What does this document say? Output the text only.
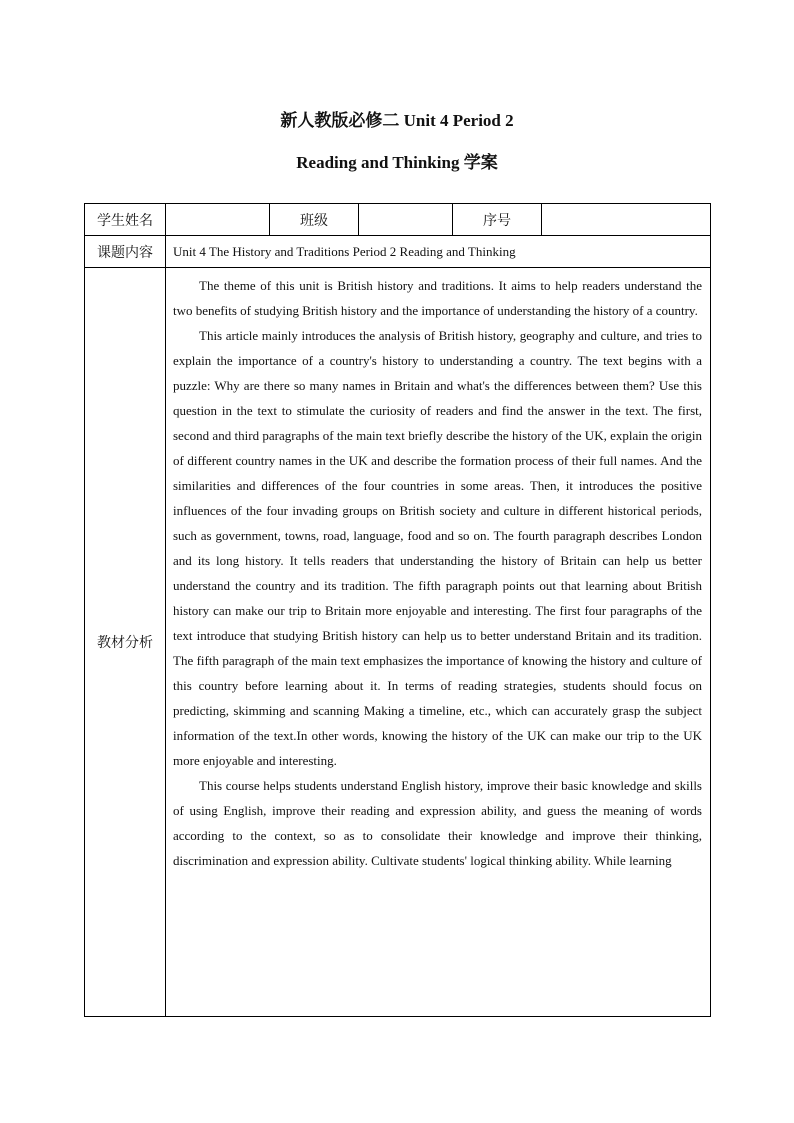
新人教版必修二 Unit 4 Period 2
Reading and Thinking 学案
学生姓名		班级		序号	
课题内容	Unit 4 The History and Traditions Period 2 Reading and Thinking				
教材分析	The theme of this unit is British history and traditions. It aims to help readers understand the two benefits of studying British history and the importance of understanding the history of a country.

This article mainly introduces the analysis of British history, geography and culture, and tries to explain the importance of a country's history to understanding a country. The text begins with a puzzle: Why are there so many names in Britain and what's the differences between them? Use this question in the text to stimulate the curiosity of readers and find the answer in the text. The first, second and third paragraphs of the main text briefly describe the history of the UK, explain the origin of different country names in the UK and describe the formation process of their full names. And the similarities and differences of the four countries in some areas. Then, it introduces the positive influences of the four invading groups on British society and culture in different historical periods, such as government, towns, road, language, food and so on. The fourth paragraph describes London and its long history. It tells readers that understanding the history of Britain can help us better understand the country and its tradition. The fifth paragraph points out that learning about British history can make our trip to Britain more enjoyable and interesting. The first four paragraphs of the text introduce that studying British history can help us to better understand Britain and its tradition. The fifth paragraph of the main text emphasizes the importance of knowing the history and culture of this country before learning about it. In terms of reading strategies, students should focus on predicting, skimming and scanning Making a timeline, etc., which can accurately grasp the subject information of the text.In other words, knowing the history of the UK can make our trip to the UK more enjoyable and interesting.

This course helps students understand English history, improve their basic knowledge and skills of using English, improve their reading and expression ability, and guess the meaning of words according to the context, so as to consolidate their knowledge and improve their thinking, discrimination and expression ability. Cultivate students' logical thinking ability. While learning				
